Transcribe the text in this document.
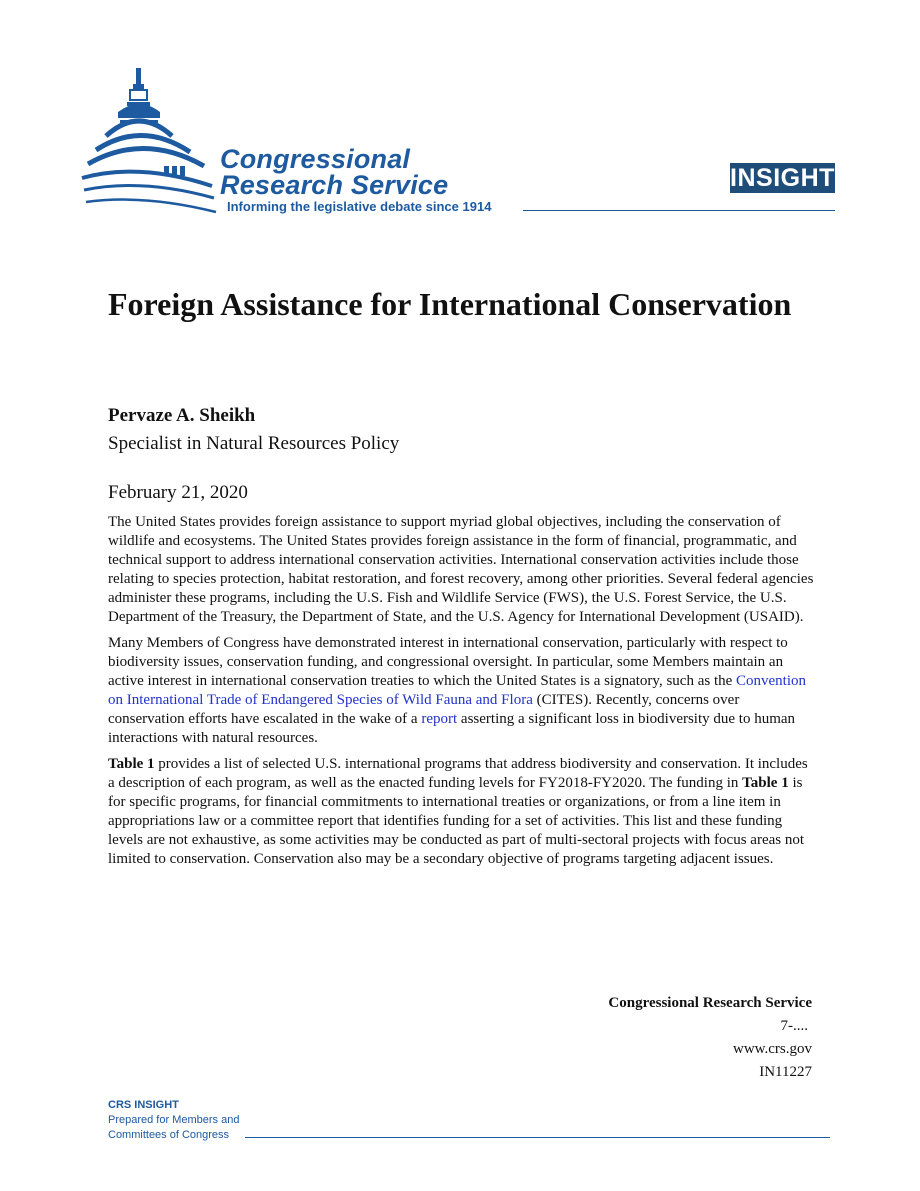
Congressional
Research Service
Informing the legislative debate since 1914
INSIGHT
Foreign Assistance for International Conservation
Pervaze A. Sheikh
Specialist in Natural Resources Policy
February 21, 2020

The United States provides foreign assistance to support myriad global objectives, including the conservation of wildlife and ecosystems. The United States provides foreign assistance in the form of financial, programmatic, and technical support to address international conservation activities. International conservation activities include those relating to species protection, habitat restoration, and forest recovery, among other priorities. Several federal agencies administer these programs, including the U.S. Fish and Wildlife Service (FWS), the U.S. Forest Service, the U.S. Department of the Treasury, the Department of State, and the U.S. Agency for International Development (USAID).

Many Members of Congress have demonstrated interest in international conservation, particularly with respect to biodiversity issues, conservation funding, and congressional oversight. In particular, some Members maintain an active interest in international conservation treaties to which the United States is a signatory, such as the Convention on International Trade of Endangered Species of Wild Fauna and Flora (CITES). Recently, concerns over conservation efforts have escalated in the wake of a report asserting a significant loss in biodiversity due to human interactions with natural resources.

Table 1 provides a list of selected U.S. international programs that address biodiversity and conservation. It includes a description of each program, as well as the enacted funding levels for FY2018-FY2020. The funding in Table 1 is for specific programs, for financial commitments to international treaties or organizations, or from a line item in appropriations law or a committee report that identifies funding for a set of activities. This list and these funding levels are not exhaustive, as some activities may be conducted as part of multi-sectoral projects with focus areas not limited to conservation. Conservation also may be a secondary objective of programs targeting adjacent issues.

Congressional Research Service
7-....
www.crs.gov
IN11227
CRS INSIGHT
Prepared for Members and
Committees of Congress
